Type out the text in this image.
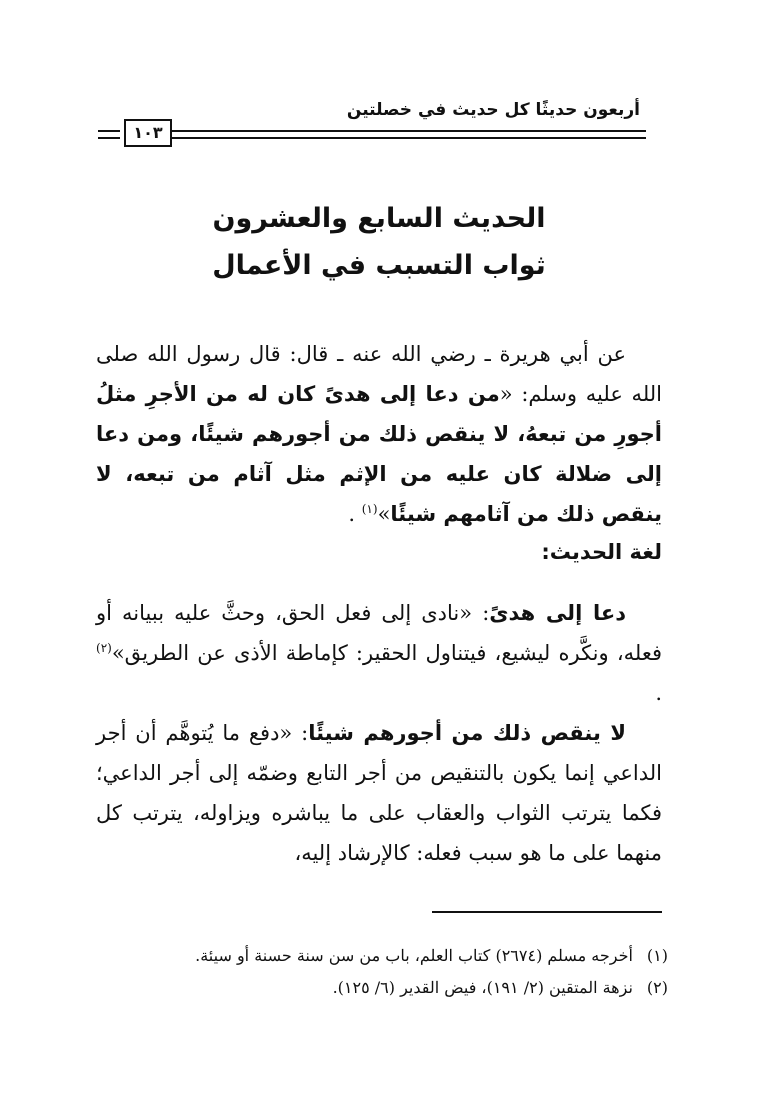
أربعون حديثًا كل حديث في خصلتين
١٠٣
الحديث السابع والعشرون
ثواب التسبب في الأعمال
عن أبي هريرة ـ رضي الله عنه ـ قال: قال رسول الله صلى الله عليه وسلم: «من دعا إلى هدىً كان له من الأجرِ مثلُ أجورِ من تبعهُ، لا ينقص ذلك من أجورهم شيئًا، ومن دعا إلى ضلالة كان عليه من الإثم مثل آثام من تبعه، لا ينقص ذلك من آثامهم شيئًا»$^{(١)}$ .
لغة الحديث:
دعا إلى هدىً: «نادى إلى فعل الحق، وحثَّ عليه ببيانه أو فعله، ونكَّره ليشيع، فيتناول الحقير: كإماطة الأذى عن الطريق»$^{(٢)}$ .
لا ينقص ذلك من أجورهم شيئًا: «دفع ما يُتوهَّم أن أجر الداعي إنما يكون بالتنقيص من أجر التابع وضمّه إلى أجر الداعي؛ فكما يترتب الثواب والعقاب على ما يباشره ويزاوله، يترتب كل منهما على ما هو سبب فعله: كالإرشاد إليه،
(١)أخرجه مسلم (٢٦٧٤) كتاب العلم، باب من سن سنة حسنة أو سيئة.
(٢)نزهة المتقين (٢/ ١٩١)، فيض القدير (٦/ ١٢٥).
